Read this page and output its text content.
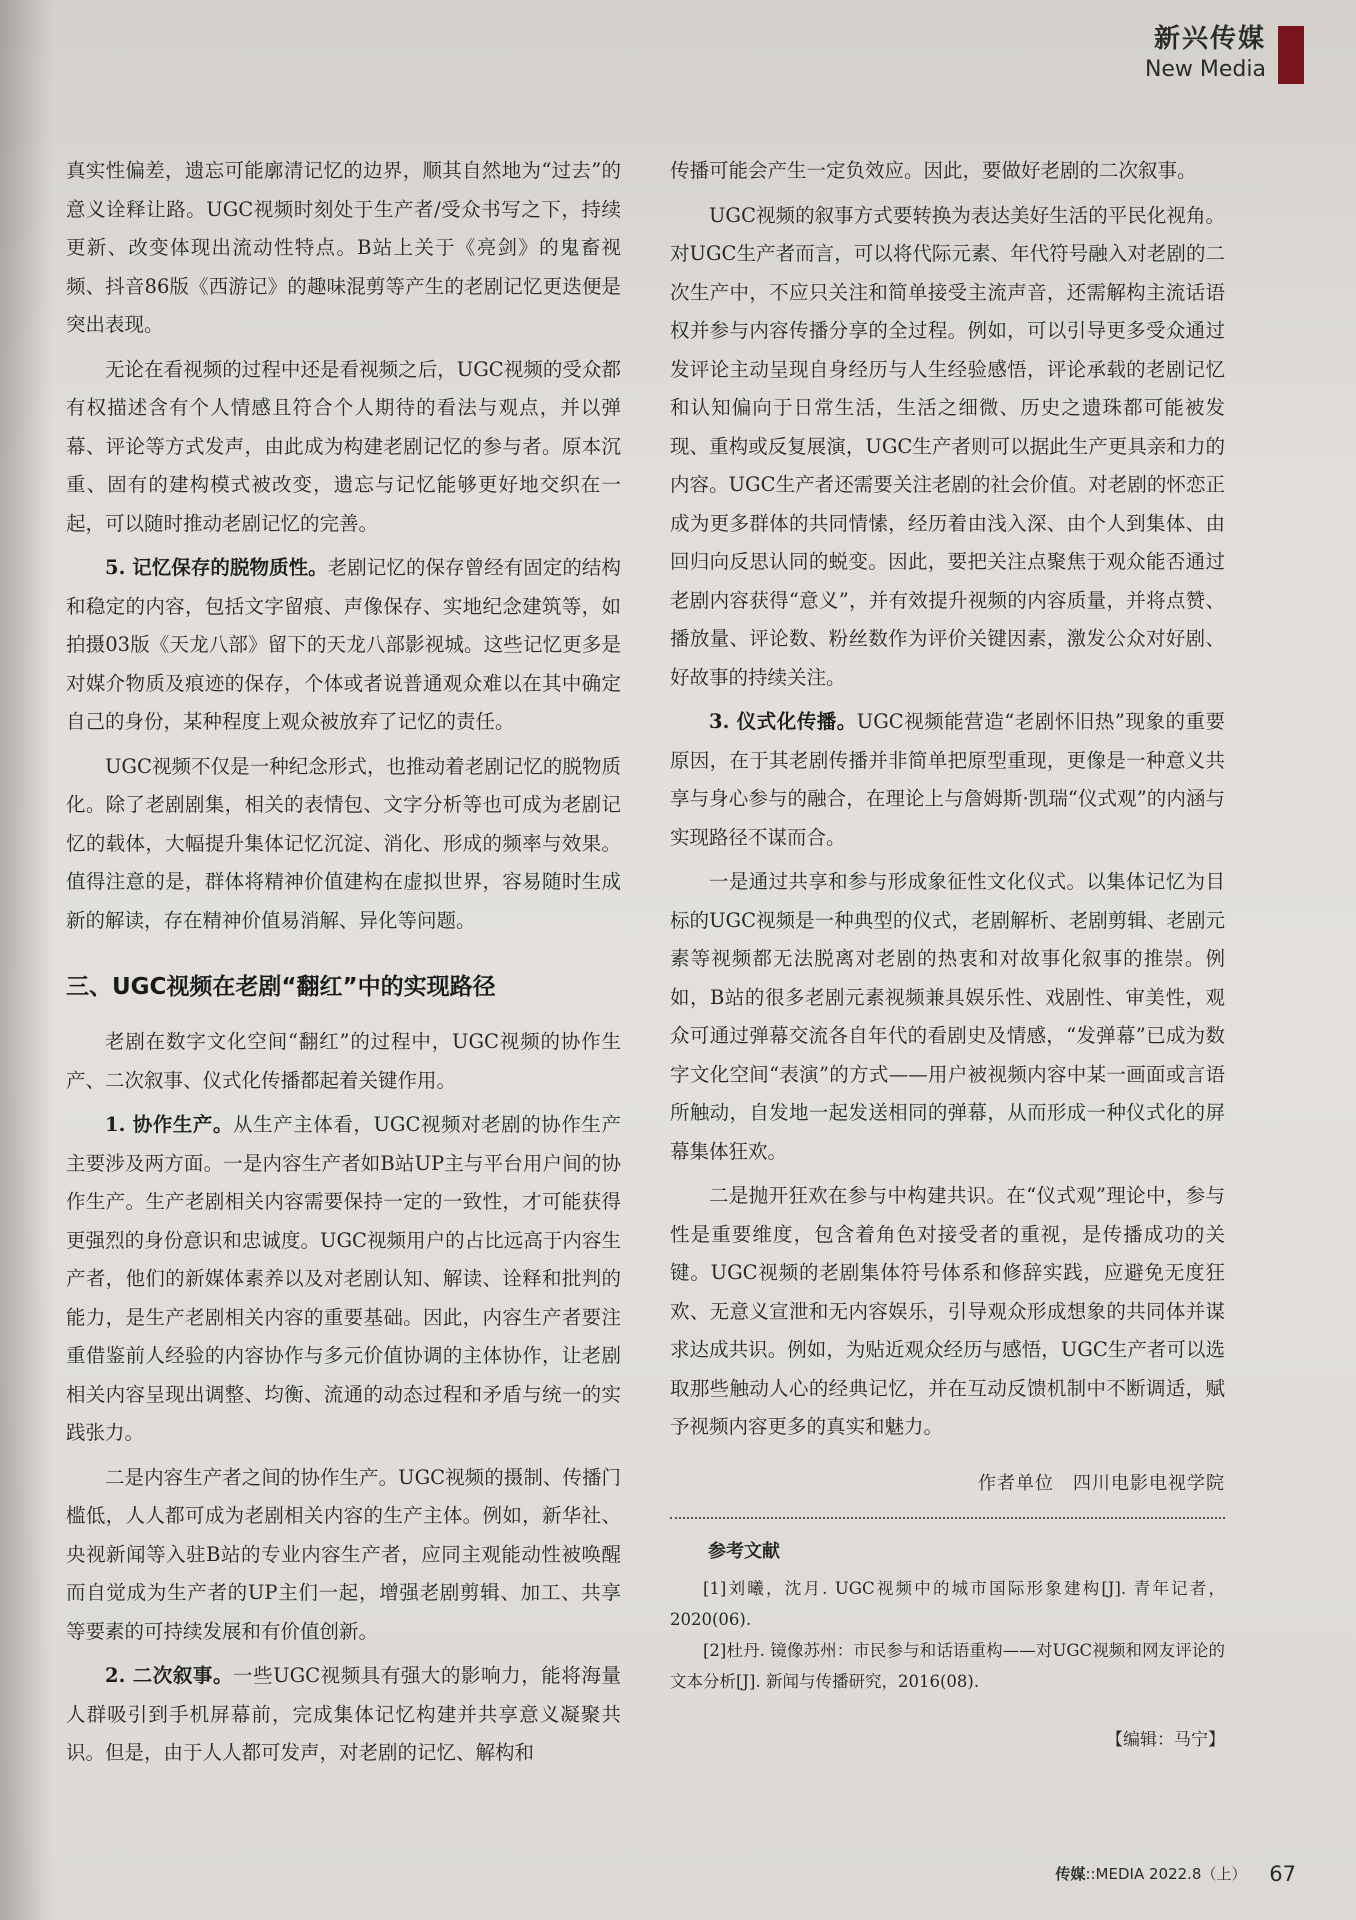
新兴传媒
New Media

真实性偏差，遗忘可能廓清记忆的边界，顺其自然地为“过去”的意义诠释让路。UGC视频时刻处于生产者/受众书写之下，持续更新、改变体现出流动性特点。B站上关于《亮剑》的鬼畜视频、抖音86版《西游记》的趣味混剪等产生的老剧记忆更迭便是突出表现。

无论在看视频的过程中还是看视频之后，UGC视频的受众都有权描述含有个人情感且符合个人期待的看法与观点，并以弹幕、评论等方式发声，由此成为构建老剧记忆的参与者。原本沉重、固有的建构模式被改变，遗忘与记忆能够更好地交织在一起，可以随时推动老剧记忆的完善。

5. 记忆保存的脱物质性。老剧记忆的保存曾经有固定的结构和稳定的内容，包括文字留痕、声像保存、实地纪念建筑等，如拍摄03版《天龙八部》留下的天龙八部影视城。这些记忆更多是对媒介物质及痕迹的保存，个体或者说普通观众难以在其中确定自己的身份，某种程度上观众被放弃了记忆的责任。

UGC视频不仅是一种纪念形式，也推动着老剧记忆的脱物质化。除了老剧剧集，相关的表情包、文字分析等也可成为老剧记忆的载体，大幅提升集体记忆沉淀、消化、形成的频率与效果。值得注意的是，群体将精神价值建构在虚拟世界，容易随时生成新的解读，存在精神价值易消解、异化等问题。

三、UGC视频在老剧“翻红”中的实现路径

老剧在数字文化空间“翻红”的过程中，UGC视频的协作生产、二次叙事、仪式化传播都起着关键作用。

1. 协作生产。从生产主体看，UGC视频对老剧的协作生产主要涉及两方面。一是内容生产者如B站UP主与平台用户间的协作生产。生产老剧相关内容需要保持一定的一致性，才可能获得更强烈的身份意识和忠诚度。UGC视频用户的占比远高于内容生产者，他们的新媒体素养以及对老剧认知、解读、诠释和批判的能力，是生产老剧相关内容的重要基础。因此，内容生产者要注重借鉴前人经验的内容协作与多元价值协调的主体协作，让老剧相关内容呈现出调整、均衡、流通的动态过程和矛盾与统一的实践张力。

二是内容生产者之间的协作生产。UGC视频的摄制、传播门槛低，人人都可成为老剧相关内容的生产主体。例如，新华社、央视新闻等入驻B站的专业内容生产者，应同主观能动性被唤醒而自觉成为生产者的UP主们一起，增强老剧剪辑、加工、共享等要素的可持续发展和有价值创新。

2. 二次叙事。一些UGC视频具有强大的影响力，能将海量人群吸引到手机屏幕前，完成集体记忆构建并共享意义凝聚共识。但是，由于人人都可发声，对老剧的记忆、解构和

传播可能会产生一定负效应。因此，要做好老剧的二次叙事。

UGC视频的叙事方式要转换为表达美好生活的平民化视角。对UGC生产者而言，可以将代际元素、年代符号融入对老剧的二次生产中，不应只关注和简单接受主流声音，还需解构主流话语权并参与内容传播分享的全过程。例如，可以引导更多受众通过发评论主动呈现自身经历与人生经验感悟，评论承载的老剧记忆和认知偏向于日常生活，生活之细微、历史之遗珠都可能被发现、重构或反复展演，UGC生产者则可以据此生产更具亲和力的内容。UGC生产者还需要关注老剧的社会价值。对老剧的怀恋正成为更多群体的共同情愫，经历着由浅入深、由个人到集体、由回归向反思认同的蜕变。因此，要把关注点聚焦于观众能否通过老剧内容获得“意义”，并有效提升视频的内容质量，并将点赞、播放量、评论数、粉丝数作为评价关键因素，激发公众对好剧、好故事的持续关注。

3. 仪式化传播。UGC视频能营造“老剧怀旧热”现象的重要原因，在于其老剧传播并非简单把原型重现，更像是一种意义共享与身心参与的融合，在理论上与詹姆斯·凯瑞“仪式观”的内涵与实现路径不谋而合。

一是通过共享和参与形成象征性文化仪式。以集体记忆为目标的UGC视频是一种典型的仪式，老剧解析、老剧剪辑、老剧元素等视频都无法脱离对老剧的热衷和对故事化叙事的推崇。例如，B站的很多老剧元素视频兼具娱乐性、戏剧性、审美性，观众可通过弹幕交流各自年代的看剧史及情感，“发弹幕”已成为数字文化空间“表演”的方式——用户被视频内容中某一画面或言语所触动，自发地一起发送相同的弹幕，从而形成一种仪式化的屏幕集体狂欢。

二是抛开狂欢在参与中构建共识。在“仪式观”理论中，参与性是重要维度，包含着角色对接受者的重视，是传播成功的关键。UGC视频的老剧集体符号体系和修辞实践，应避免无度狂欢、无意义宣泄和无内容娱乐，引导观众形成想象的共同体并谋求达成共识。例如，为贴近观众经历与感悟，UGC生产者可以选取那些触动人心的经典记忆，并在互动反馈机制中不断调适，赋予视频内容更多的真实和魅力。

作者单位　四川电影电视学院
参考文献

[1]刘曦，沈月. UGC视频中的城市国际形象建构[J]. 青年记者，2020(06).

[2]杜丹. 镜像苏州：市民参与和话语重构——对UGC视频和网友评论的文本分析[J]. 新闻与传播研究，2016(08).

【编辑：马宁】
传媒::MEDIA 2022.8（上） 67
